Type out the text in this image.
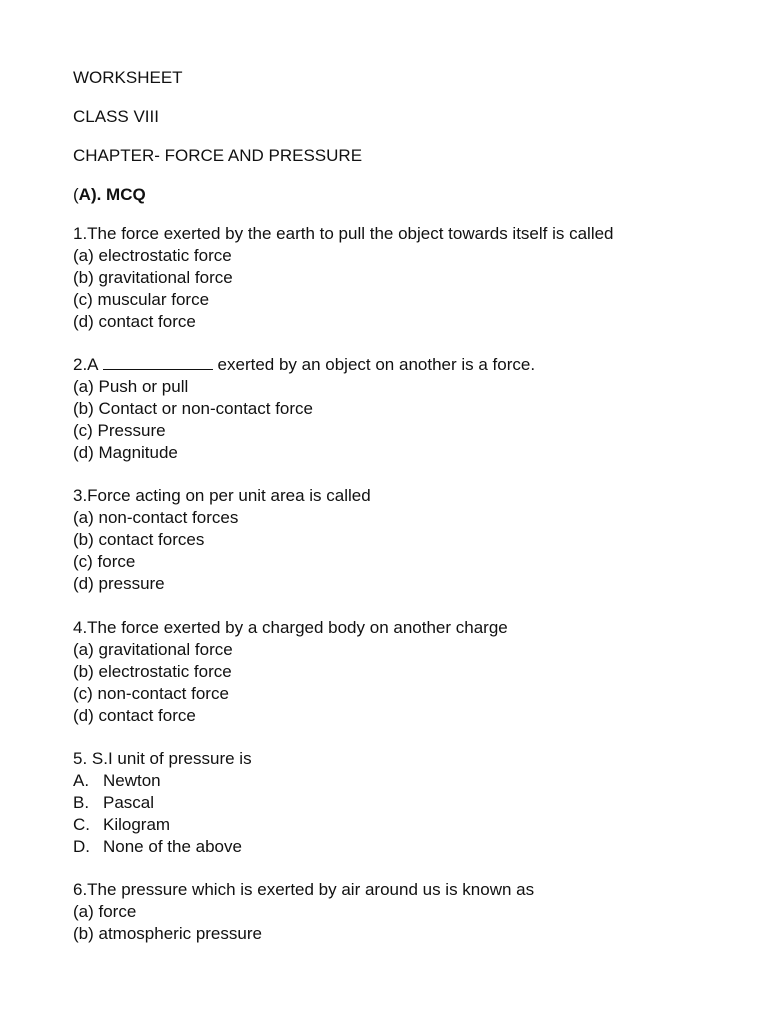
WORKSHEET
CLASS VIII
CHAPTER- FORCE AND PRESSURE
(A). MCQ
1.The force exerted by the earth to pull the object towards itself is called
(a) electrostatic force
(b) gravitational force
(c) muscular force
(d) contact force
2.A	exerted by an object on another is a force.
(a) Push or pull
(b) Contact or non-contact force
(c) Pressure
(d) Magnitude
3.Force acting on per unit area is called
(a) non-contact forces
(b) contact forces
(c) force
(d) pressure
4.The force exerted by a charged body on another charge
(a) gravitational force
(b) electrostatic force
(c) non-contact force
(d) contact force
5. S.I unit of pressure is
A. Newton
B. Pascal
C. Kilogram
D. None of the above
6.The pressure which is exerted by air around us is known as
(a) force
(b) atmospheric pressure
